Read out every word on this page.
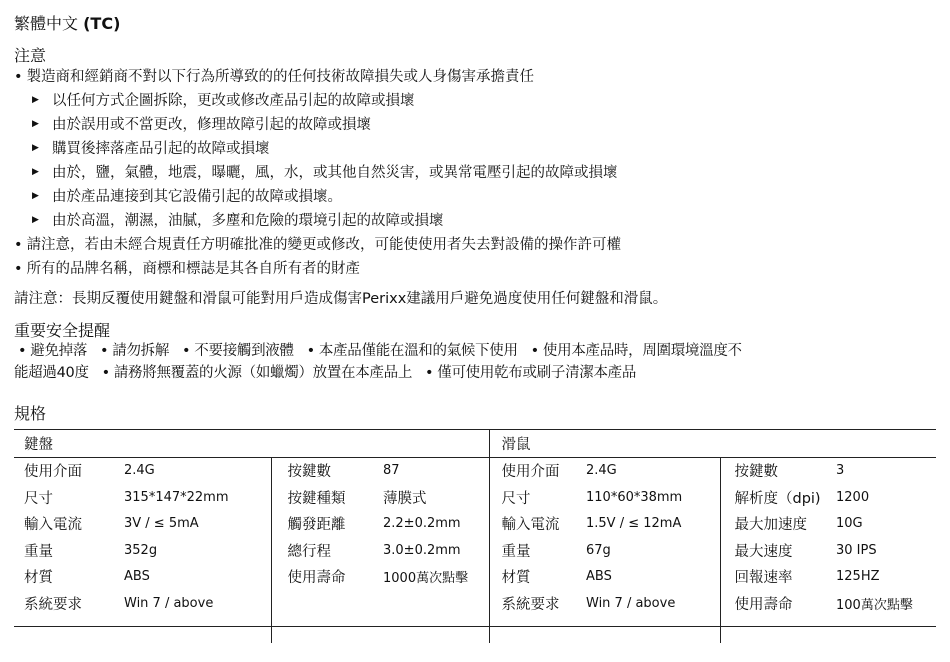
繁體中文 (TC)
注意
• 製造商和經銷商不對以下行為所導致的的任何技術故障損失或人身傷害承擔責任
▶ 以任何方式企圖拆除，更改或修改產品引起的故障或損壞
▶ 由於誤用或不當更改，修理故障引起的故障或損壞
▶ 購買後摔落產品引起的故障或損壞
▶ 由於，鹽，氣體，地震，曝曬，風，水，或其他自然災害，或異常電壓引起的故障或損壞
▶ 由於產品連接到其它設備引起的故障或損壞。
▶ 由於高溫，潮濕，油膩，多塵和危險的環境引起的故障或損壞
• 請注意，若由未經合規責任方明確批准的變更或修改，可能使使用者失去對設備的操作許可權
• 所有的品牌名稱，商標和標誌是其各自所有者的財產
請注意：長期反覆使用鍵盤和滑鼠可能對用戶造成傷害Perixx建議用戶避免過度使用任何鍵盤和滑鼠。
重要安全提醒
• 避免掉落 • 請勿拆解 • 不要接觸到液體 • 本產品僅能在溫和的氣候下使用 • 使用本產品時，周圍環境溫度不
能超過40度 • 請務將無覆蓋的火源（如蠟燭）放置在本產品上 • 僅可使用乾布或刷子清潔本產品
規格
鍵盤				滑鼠			
使用介面	2.4G	按鍵數	87	使用介面	2.4G	按鍵數	3
尺寸	315*147*22mm	按鍵種類	薄膜式	尺寸	110*60*38mm	解析度（dpi)	1200
輸入電流	3V / ≤ 5mA	觸發距離	2.2±0.2mm	輸入電流	1.5V / ≤ 12mA	最大加速度	10G
重量	352g	總行程	3.0±0.2mm	重量	67g	最大速度	30 IPS
材質	ABS	使用壽命	1000萬次點擊	材質	ABS	回報速率	125HZ
系統要求	Win 7 / above			系統要求	Win 7 / above	使用壽命	100萬次點擊
